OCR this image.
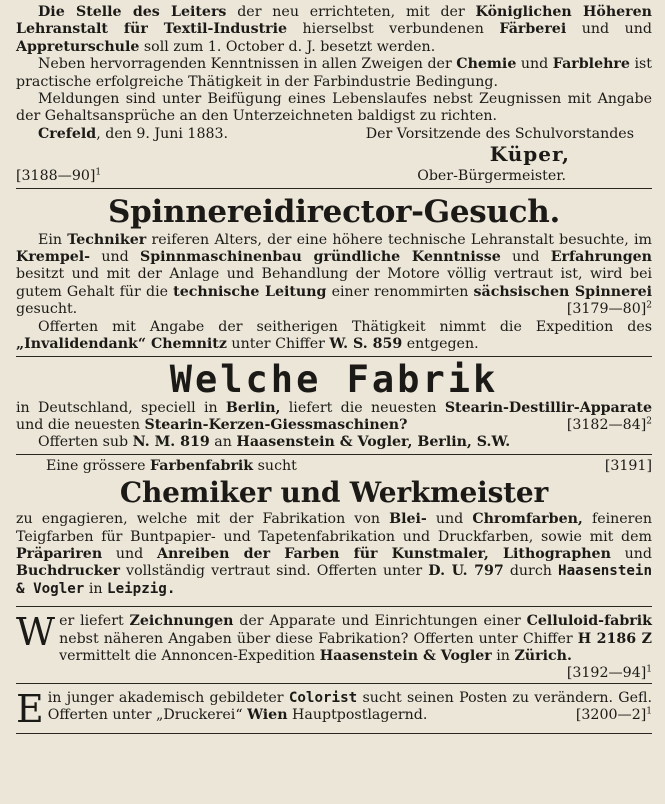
Die Stelle des Leiters der neu errichteten, mit der Königlichen Höheren Lehranstalt für Textil-Industrie hierselbst verbundenen Färberei und und Appreturschule soll zum 1. October d. J. besetzt werden.

Neben hervorragenden Kenntnissen in allen Zweigen der Chemie und Farblehre ist practische erfolgreiche Thätigkeit in der Farbindustrie Bedingung.

Meldungen sind unter Beifügung eines Lebenslaufes nebst Zeugnissen mit Angabe der Gehaltsansprüche an den Unterzeichneten baldigst zu richten.

Crefeld, den 9. Juni 1883.	Der Vorsitzende des Schulvorstandes
Küper,
[3188—90]$^1$	Ober-Bürgermeister.
Spinnereidirector-Gesuch.

Ein Techniker reiferen Alters, der eine höhere technische Lehranstalt besuchte, im Krempel- und Spinnmaschinenbau gründliche Kenntnisse und Erfahrungen besitzt und mit der Anlage und Behandlung der Motore völlig vertraut ist, wird bei gutem Gehalt für die technische Leitung einer renommirten sächsischen Spinnerei gesucht.	[3179—80]$^2$

Offerten mit Angabe der seitherigen Thätigkeit nimmt die Expedition des „Invalidendank“ Chemnitz unter Chiffer W. S. 859 entgegen.

Welche Fabrik

in Deutschland, speciell in Berlin, liefert die neuesten Stearin-Destillir-Apparate und die neuesten Stearin-Kerzen-Giessmaschinen?	[3182—84]$^2$

Offerten sub N. M. 819 an Haasenstein & Vogler, Berlin, S.W.

Eine grössere Farbenfabrik sucht	[3191]
Chemiker und Werkmeister

zu engagieren, welche mit der Fabrikation von Blei- und Chromfarben, feineren Teigfarben für Buntpapier- und Tapetenfabrikation und Druckfarben, sowie mit dem Präpariren und Anreiben der Farben für Kunstmaler, Lithographen und Buchdrucker vollständig vertraut sind. Offerten unter D. U. 797 durch Haasenstein & Vogler in Leipzig.

Wer liefert Zeichnungen der Apparate und Einrichtungen einer Celluloid-fabrik nebst näheren Angaben über diese Fabrikation? Offerten unter Chiffer H 2186 Z vermittelt die Annoncen-Expedition Haasenstein & Vogler in Zürich.
[3192—94]$^1$

Ein junger akademisch gebildeter Colorist sucht seinen Posten zu verändern. Gefl. Offerten unter „Druckerei“ Wien Hauptpostlagernd.	[3200—2]$^1$
